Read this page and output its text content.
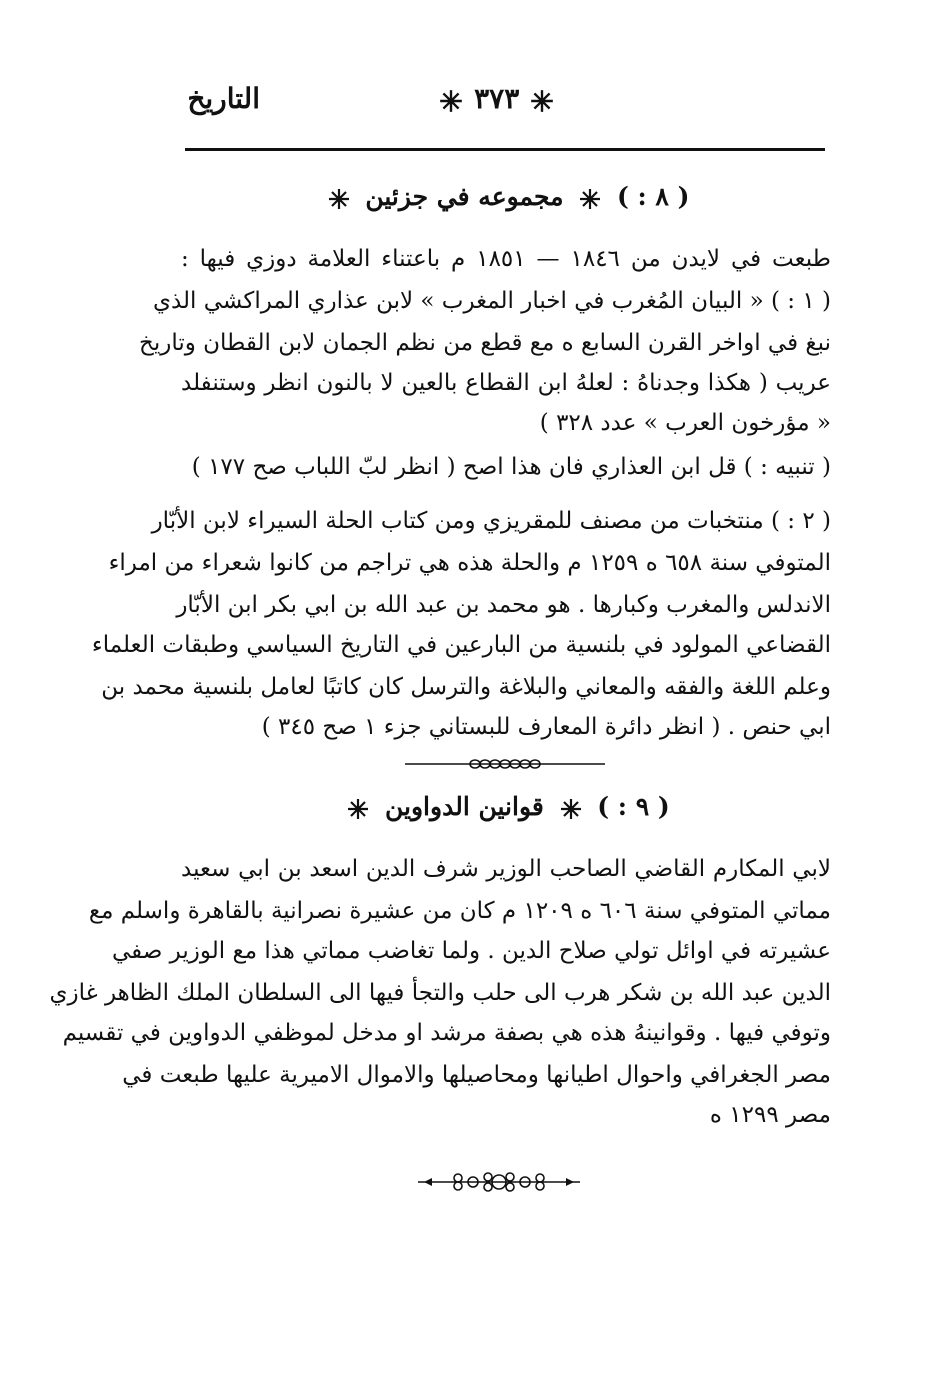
التاريخ	٣٧٣
( ٨ : )  مجموعه في جزئين
طبعت في لايدن من ١٨٤٦ — ١٨٥١ م باعتناء العلامة دوزي فيها :
( ١ : ) « البيان المُغرب في اخبار المغرب » لابن عذاري المراكشي الذي
نبغ في اواخر القرن السابع ه مع قطع من نظم الجمان لابن القطان وتاريخ
عريب ( هكذا وجدناهُ : لعلهُ ابن القطاع بالعين لا بالنون انظر وستنفلد
« مؤرخون العرب » عدد ٣٢٨ )
( تنبيه : ) قل ابن العذاري فان هذا اصح ( انظر لبّ اللباب صح ١٧٧ )
( ٢ : ) منتخبات من مصنف للمقريزي ومن كتاب الحلة السيراء لابن الأبّار
المتوفي سنة ٦٥٨ ه ١٢٥٩ م والحلة هذه هي تراجم من كانوا شعراء من امراء
الاندلس والمغرب وكبارها . هو محمد بن عبد الله بن ابي بكر ابن الأبّار
القضاعي المولود في بلنسية من البارعين في التاريخ السياسي وطبقات العلماء
وعلم اللغة والفقه والمعاني والبلاغة والترسل كان كاتبًا لعامل بلنسية محمد بن
ابي حنص . ( انظر دائرة المعارف للبستاني جزء ١ صح ٣٤٥ )
( ٩ : )  قوانين الدواوين
لابي المكارم القاضي الصاحب الوزير شرف الدين اسعد بن ابي سعيد
مماتي المتوفي سنة ٦٠٦ ه ١٢٠٩ م كان من عشيرة نصرانية بالقاهرة واسلم مع
عشيرته في اوائل تولي صلاح الدين . ولما تغاضب مماتي هذا مع الوزير صفي
الدين عبد الله بن شكر هرب الى حلب والتجأ فيها الى السلطان الملك الظاهر غازي
وتوفي فيها . وقوانينهُ هذه هي بصفة مرشد او مدخل لموظفي الدواوين في تقسيم
مصر الجغرافي واحوال اطيانها ومحاصيلها والاموال الاميرية عليها طبعت في
مصر ١٢٩٩ ه
